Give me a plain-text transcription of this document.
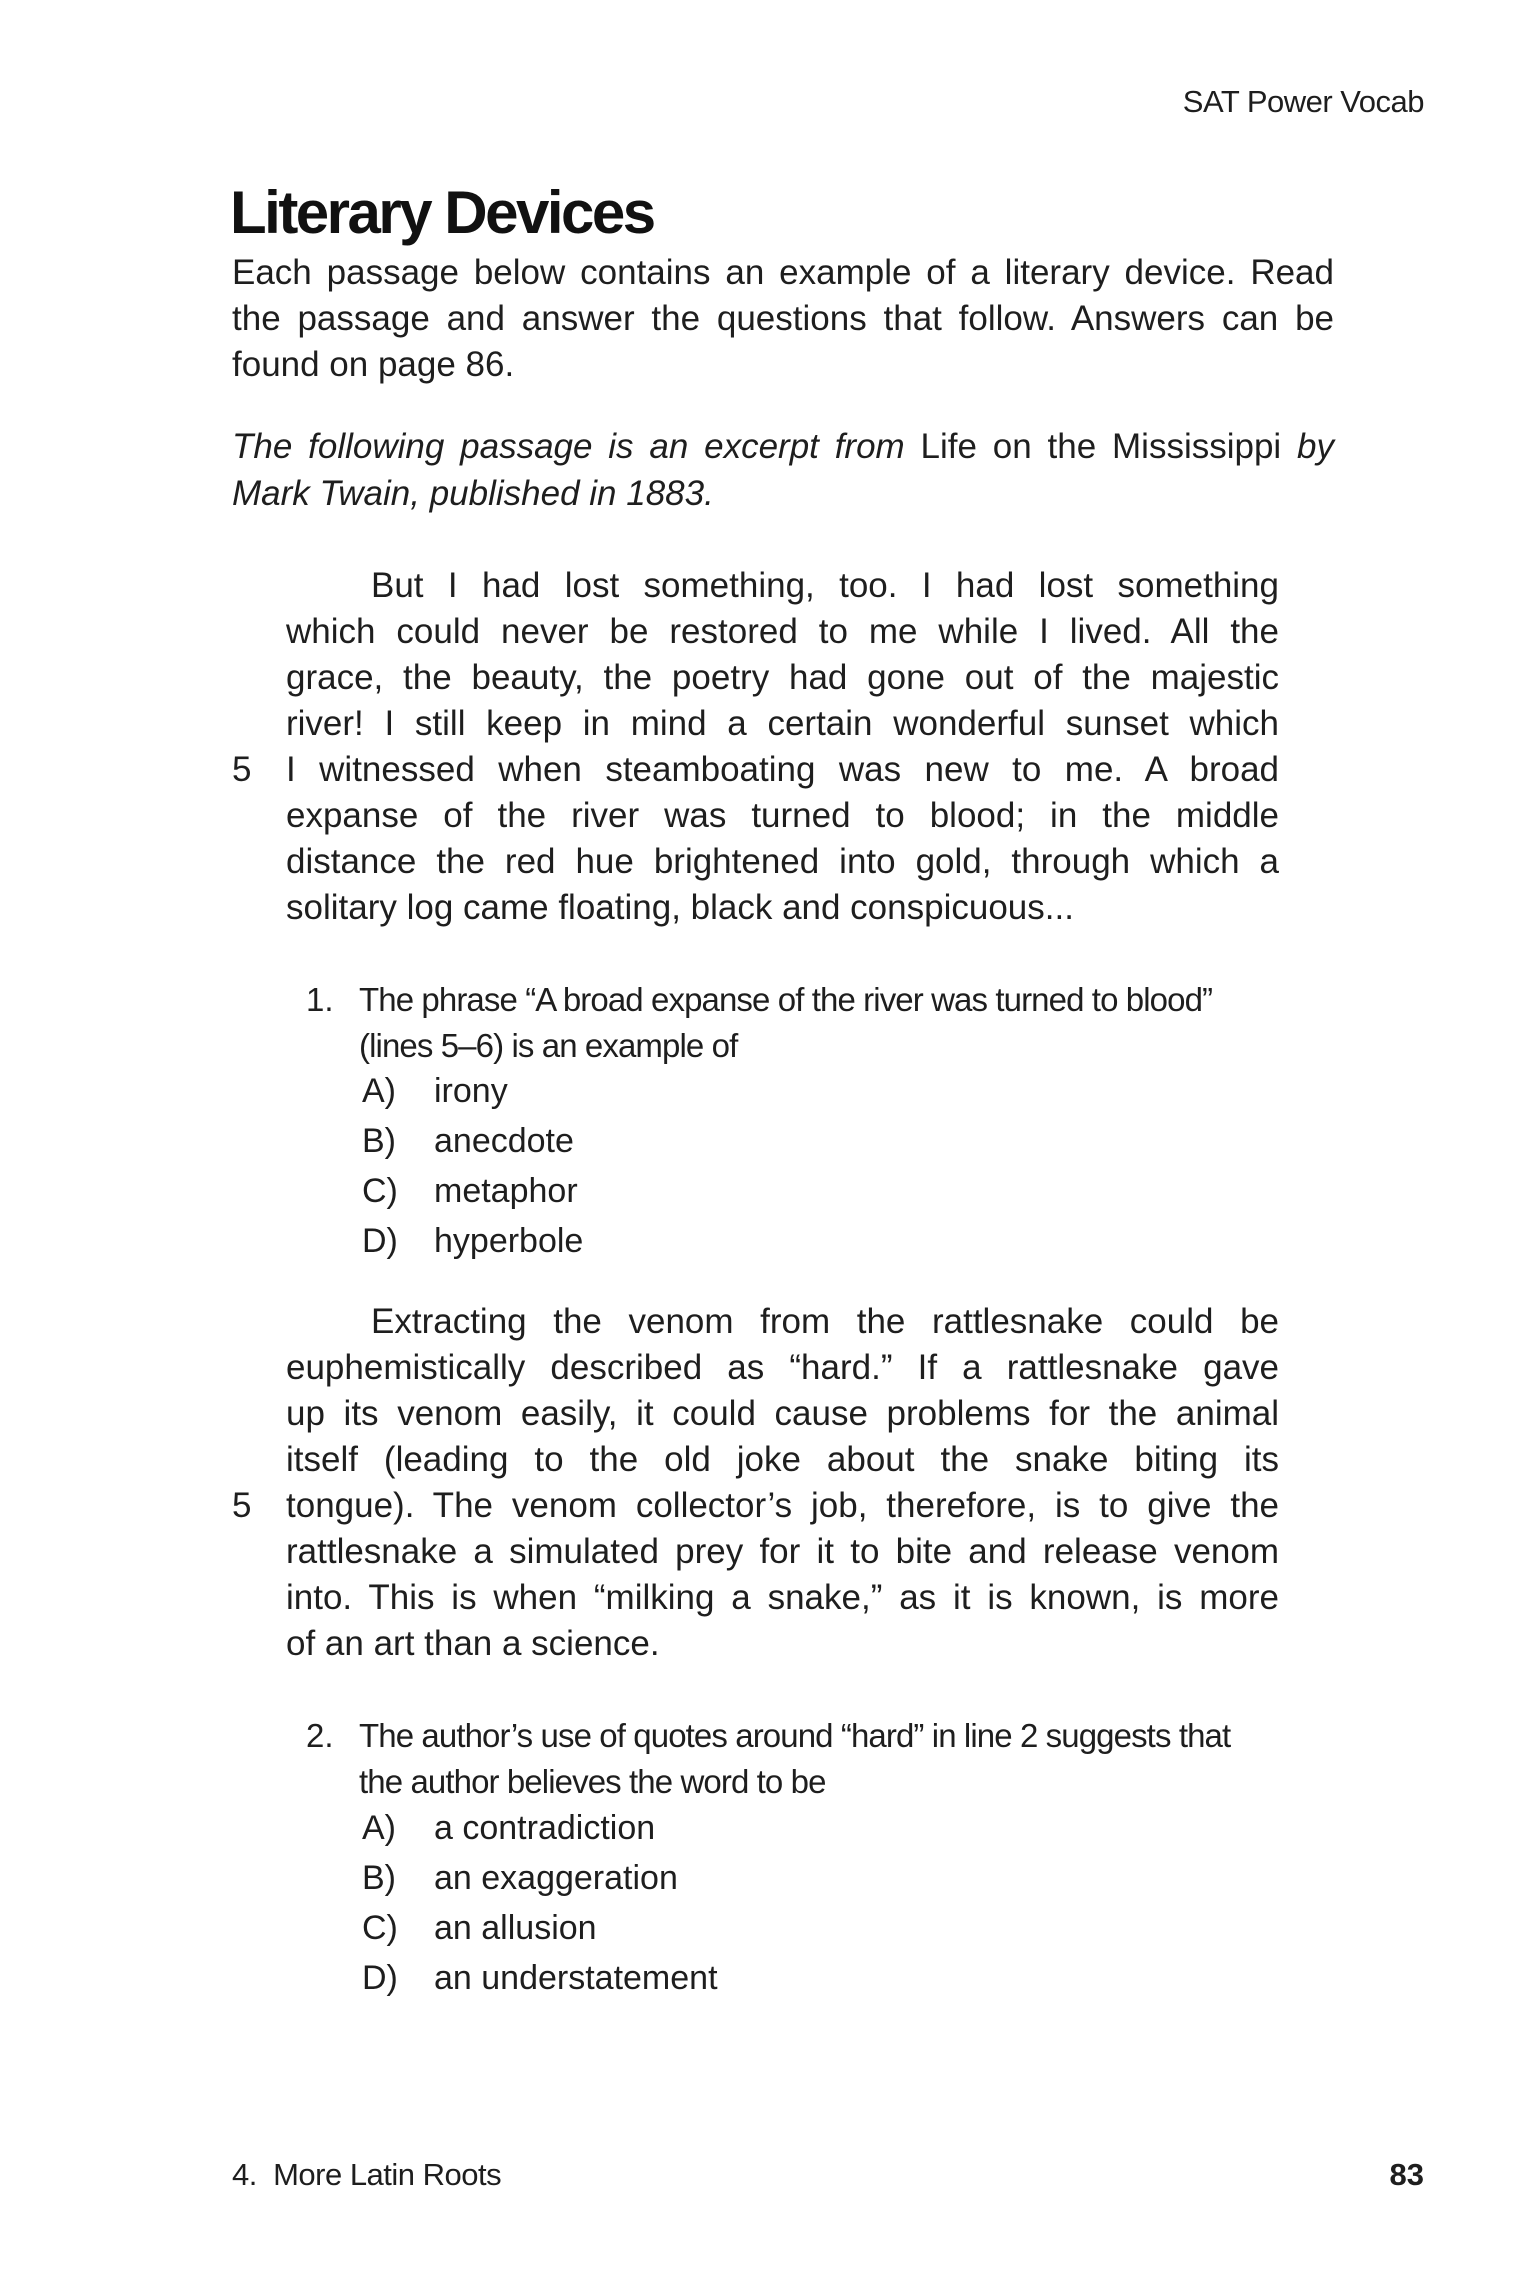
SAT Power Vocab
Literary Devices
Each passage below contains an example of a literary device. Read
the passage and answer the questions that follow. Answers can be
found on page 86.
The following passage is an excerpt from Life on the Mississippi by
Mark Twain, published in 1883.
5
But I had lost something, too. I had lost something
which could never be restored to me while I lived. All the
grace, the beauty, the poetry had gone out of the majestic
river! I still keep in mind a certain wonderful sunset which
I witnessed when steamboating was new to me. A broad
expanse of the river was turned to blood; in the middle
distance the red hue brightened into gold, through which a
solitary log came floating, black and conspicuous...
1. The phrase “A broad expanse of the river was turned to blood”
(lines 5–6) is an example of
A)	irony
B)	anecdote
C)	metaphor
D)	hyperbole
5
Extracting the venom from the rattlesnake could be
euphemistically described as “hard.” If a rattlesnake gave
up its venom easily, it could cause problems for the animal
itself (leading to the old joke about the snake biting its
tongue). The venom collector’s job, therefore, is to give the
rattlesnake a simulated prey for it to bite and release venom
into. This is when “milking a snake,” as it is known, is more
of an art than a science.
2. The author’s use of quotes around “hard” in line 2 suggests that
the author believes the word to be
A)	a contradiction
B)	an exaggeration
C)	an allusion
D)	an understatement
4.  More Latin Roots	83
